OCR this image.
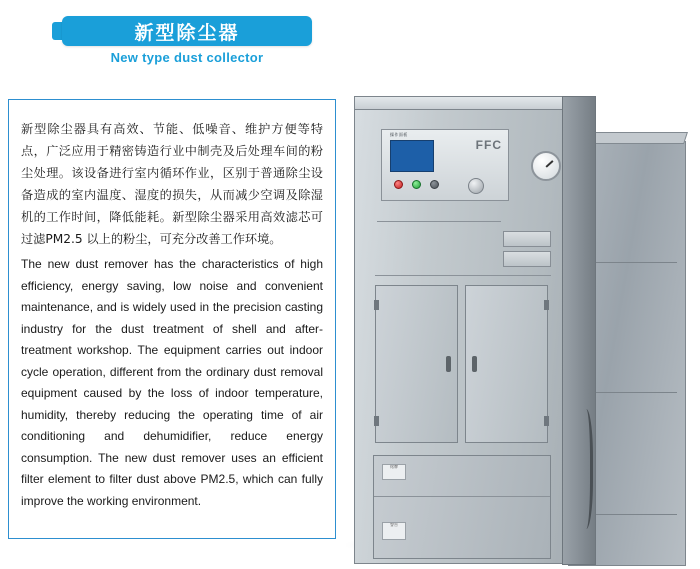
新型除尘器
New type dust collector

新型除尘器具有高效、节能、低噪音、维护方便等特点，广泛应用于精密铸造行业中制壳及后处理车间的粉尘处理。该设备进行室内循环作业，区别于普通除尘设备造成的室内温度、湿度的损失，从而减少空调及除湿机的工作时间，降低能耗。新型除尘器采用高效滤芯可过滤PM2.5 以上的粉尘，可充分改善工作环境。

The new dust remover has the characteristics of high efficiency, energy saving, low noise and convenient maintenance, and is widely used in the precision casting industry for the dust treatment of shell and after-treatment workshop. The equipment carries out indoor cycle operation, different from the ordinary dust removal equipment caused by the loss of indoor temperature, humidity, thereby reducing the operating time of air conditioning and dehumidifier, reduce energy consumption. The new dust remover uses an efficient filter element to filter dust above PM2.5, which can fully improve the working environment.

操作面板
FFC
铭牌
警告
